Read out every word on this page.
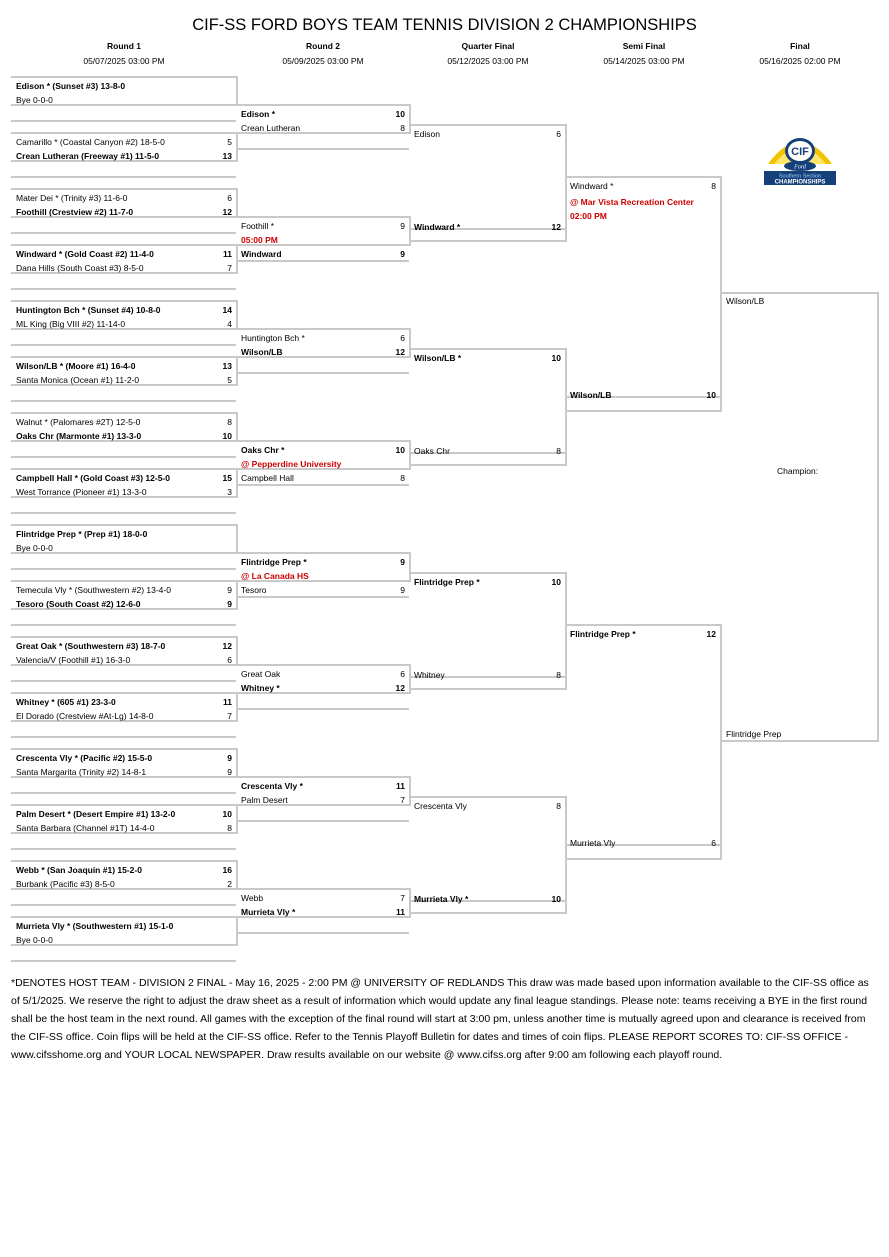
CIF-SS FORD BOYS TEAM TENNIS DIVISION 2 CHAMPIONSHIPS
Round 1
05/07/2025 03:00 PM
Round 2
05/09/2025 03:00 PM
Quarter Final
05/12/2025 03:00 PM
Semi Final
05/14/2025 03:00 PM
Final
05/16/2025 02:00 PM
Edison * (Sunset #3) 13-8-0
Bye 0-0-0
Camarillo * (Coastal Canyon #2) 18-5-0	5
Crean Lutheran (Freeway #1) 11-5-0	13
Mater Dei * (Trinity #3) 11-6-0	6
Foothill (Crestview #2) 11-7-0	12
Windward * (Gold Coast #2) 11-4-0	11
Dana Hills (South Coast #3) 8-5-0	7
Huntington Bch * (Sunset #4) 10-8-0	14
ML King (Big VIII #2) 11-14-0	4
Wilson/LB * (Moore #1) 16-4-0	13
Santa Monica (Ocean #1) 11-2-0	5
Walnut * (Palomares #2T) 12-5-0	8
Oaks Chr (Marmonte #1) 13-3-0	10
Campbell Hall * (Gold Coast #3) 12-5-0	15
West Torrance (Pioneer #1) 13-3-0	3
Flintridge Prep * (Prep #1) 18-0-0
Bye 0-0-0
Temecula Vly * (Southwestern #2) 13-4-0	9
Tesoro (South Coast #2) 12-6-0	9
Great Oak * (Southwestern #3) 18-7-0	12
Valencia/V (Foothill #1) 16-3-0	6
Whitney * (605 #1) 23-3-0	11
El Dorado (Crestview #At-Lg) 14-8-0	7
Crescenta Vly * (Pacific #2) 15-5-0	9
Santa Margarita (Trinity #2) 14-8-1	9
Palm Desert * (Desert Empire #1) 13-2-0	10
Santa Barbara (Channel #1T) 14-4-0	8
Webb * (San Joaquin #1) 15-2-0	16
Burbank (Pacific #3) 8-5-0	2
Murrieta Vly * (Southwestern #1) 15-1-0
Bye 0-0-0
Edison *	10
Crean Lutheran	8
Foothill *	9
05:00 PM
Windward	9
Huntington Bch *	6
Wilson/LB	12
Oaks Chr *	10
@ Pepperdine University
Campbell Hall	8
Flintridge Prep *	9
@ La Canada HS
Tesoro	9
Great Oak	6
Whitney *	12
Crescenta Vly *	11
Palm Desert	7
Webb	7
Murrieta Vly *	11
Edison	6
Windward *	12
Wilson/LB *	10
Oaks Chr	8
Flintridge Prep *	10
Whitney	8
Crescenta Vly	8
Murrieta Vly *	10
Windward *	8
@ Mar Vista Recreation Center
02:00 PM
Wilson/LB	10
Flintridge Prep *	12
Murrieta Vly	6
Wilson/LB
Flintridge Prep
CIF
Ford
Southern Section
CHAMPIONSHIPS
Champion:
*DENOTES HOST TEAM - DIVISION 2 FINAL - May 16, 2025 - 2:00 PM @ UNIVERSITY OF REDLANDS This draw was made based upon information available to the CIF-SS office as of 5/1/2025. We reserve the right to adjust the draw sheet as a result of information which would update any final league standings. Please note: teams receiving a BYE in the first round shall be the host team in the next round. All games with the exception of the final round will start at 3:00 pm, unless another time is mutually agreed upon and clearance is received from the CIF-SS office. Coin flips will be held at the CIF-SS office. Refer to the Tennis Playoff Bulletin for dates and times of coin flips. PLEASE REPORT SCORES TO: CIF-SS OFFICE - www.cifsshome.org and YOUR LOCAL NEWSPAPER. Draw results available on our website @ www.cifss.org after 9:00 am following each playoff round.
